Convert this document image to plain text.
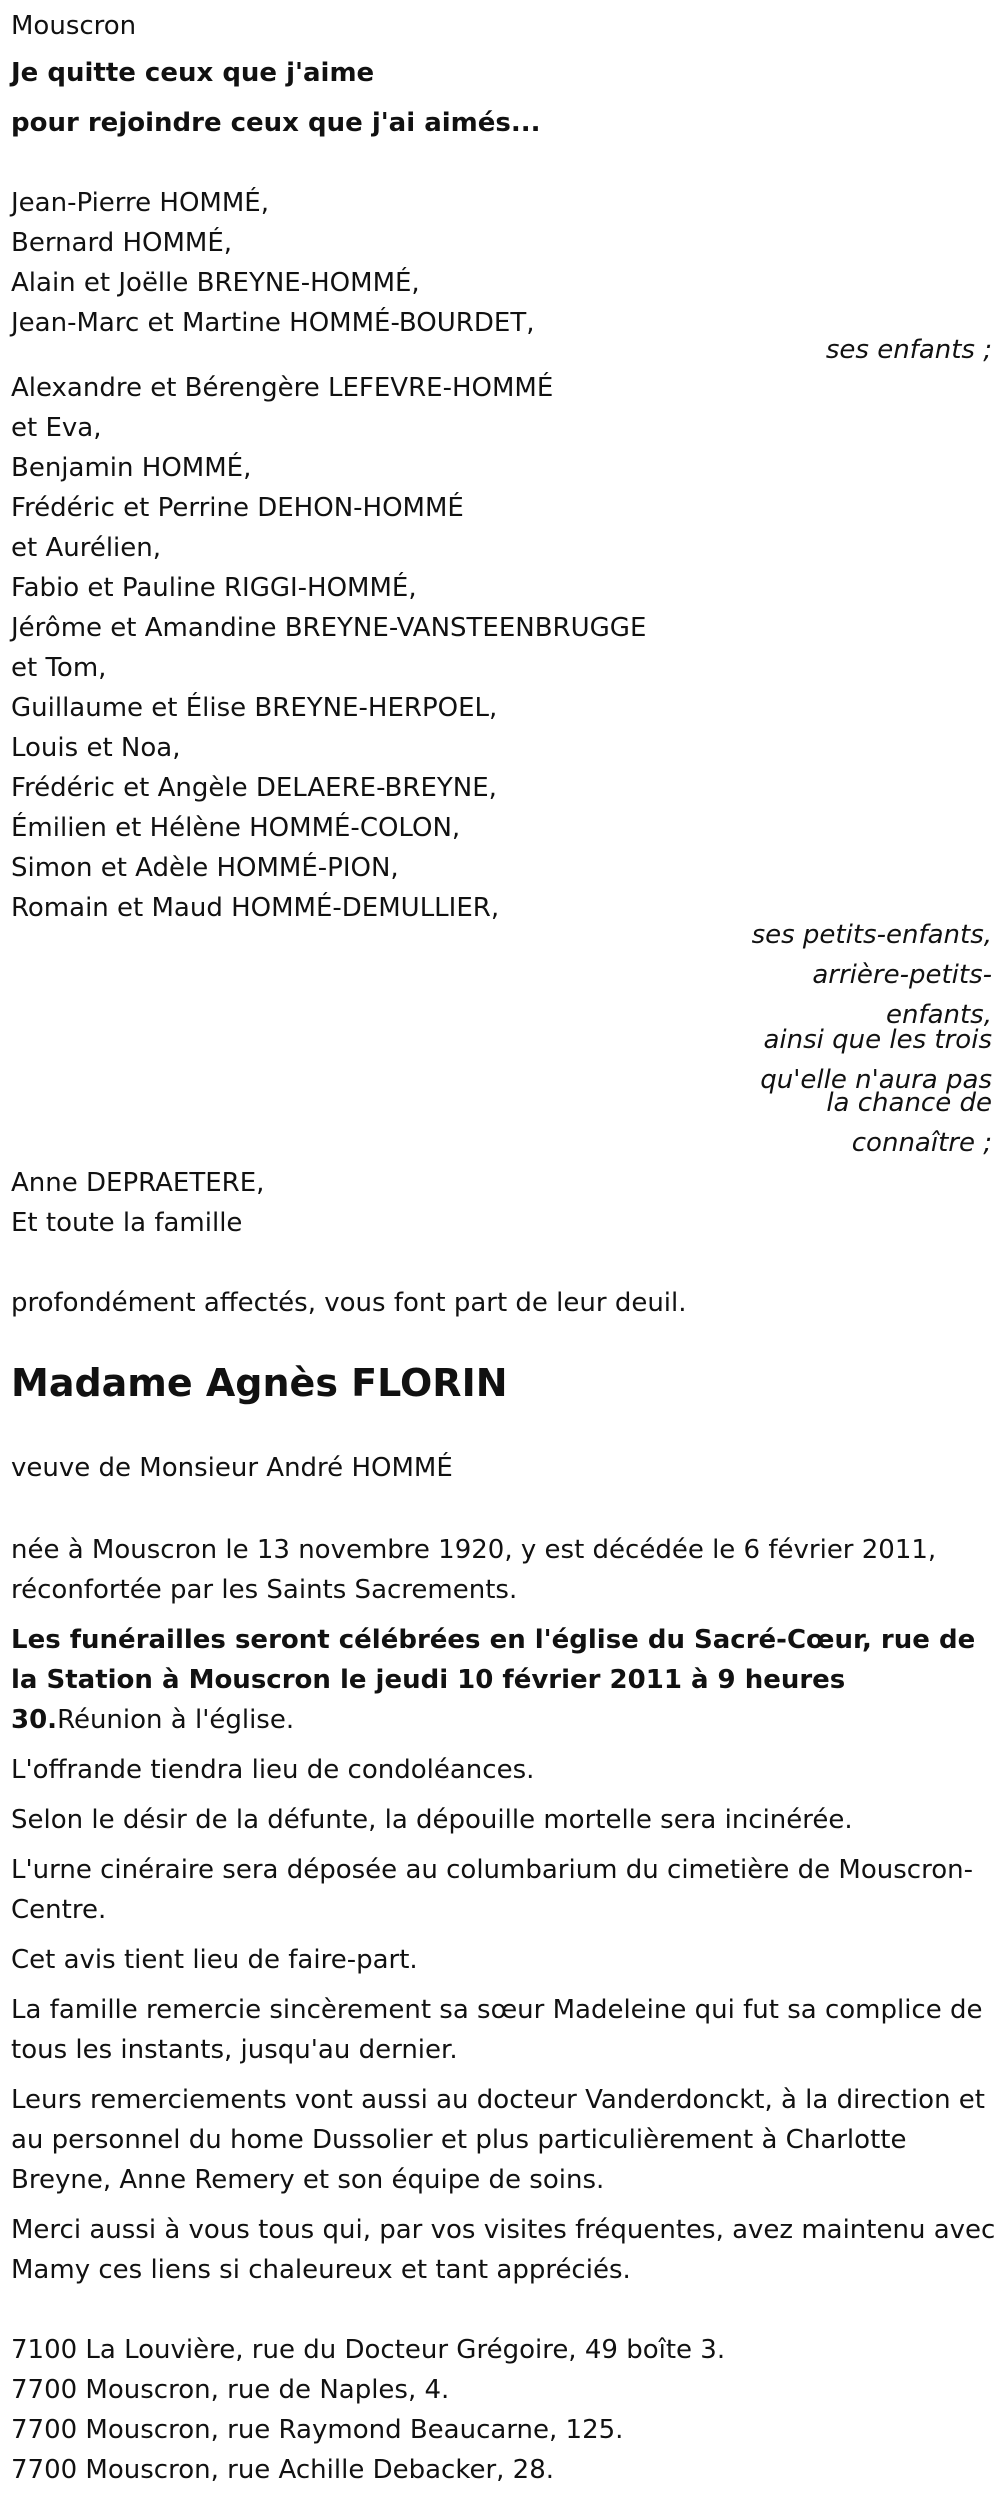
Mouscron
Je quitte ceux que j'aime
pour rejoindre ceux que j'ai aimés...
Jean-Pierre HOMMÉ,
Bernard HOMMÉ,
Alain et Joëlle BREYNE-HOMMÉ,
Jean-Marc et Martine HOMMÉ-BOURDET,
ses enfants ;
Alexandre et Bérengère LEFEVRE-HOMMÉ
et Eva,
Benjamin HOMMÉ,
Frédéric et Perrine DEHON-HOMMÉ
et Aurélien,
Fabio et Pauline RIGGI-HOMMÉ,
Jérôme et Amandine BREYNE-VANSTEENBRUGGE
et Tom,
Guillaume et Élise BREYNE-HERPOEL,
Louis et Noa,
Frédéric et Angèle DELAERE-BREYNE,
Émilien et Hélène HOMMÉ-COLON,
Simon et Adèle HOMMÉ-PION,
Romain et Maud HOMMÉ-DEMULLIER,
ses petits-enfants,
arrière-petits-
enfants,
ainsi que les trois
qu'elle n'aura pas
la chance de
connaître ;
Anne DEPRAETERE,
Et toute la famille
profondément affectés, vous font part de leur deuil.
Madame Agnès FLORIN
veuve de Monsieur André HOMMÉ
née à Mouscron le 13 novembre 1920, y est décédée le 6 février 2011, réconfortée par les Saints Sacrements.
Les funérailles seront célébrées en l'église du Sacré-Cœur, rue de la Station à Mouscron le jeudi 10 février 2011 à 9 heures 30.Réunion à l'église.
L'offrande tiendra lieu de condoléances.
Selon le désir de la défunte, la dépouille mortelle sera incinérée.
L'urne cinéraire sera déposée au columbarium du cimetière de Mouscron-Centre.
Cet avis tient lieu de faire-part.
La famille remercie sincèrement sa sœur Madeleine qui fut sa complice de tous les instants, jusqu'au dernier.
Leurs remerciements vont aussi au docteur Vanderdonckt, à la direction et au personnel du home Dussolier et plus particulièrement à Charlotte Breyne, Anne Remery et son équipe de soins.
Merci aussi à vous tous qui, par vos visites fréquentes, avez maintenu avec Mamy ces liens si chaleureux et tant appréciés.
7100 La Louvière, rue du Docteur Grégoire, 49 boîte 3.
7700 Mouscron, rue de Naples, 4.
7700 Mouscron, rue Raymond Beaucarne, 125.
7700 Mouscron, rue Achille Debacker, 28.
